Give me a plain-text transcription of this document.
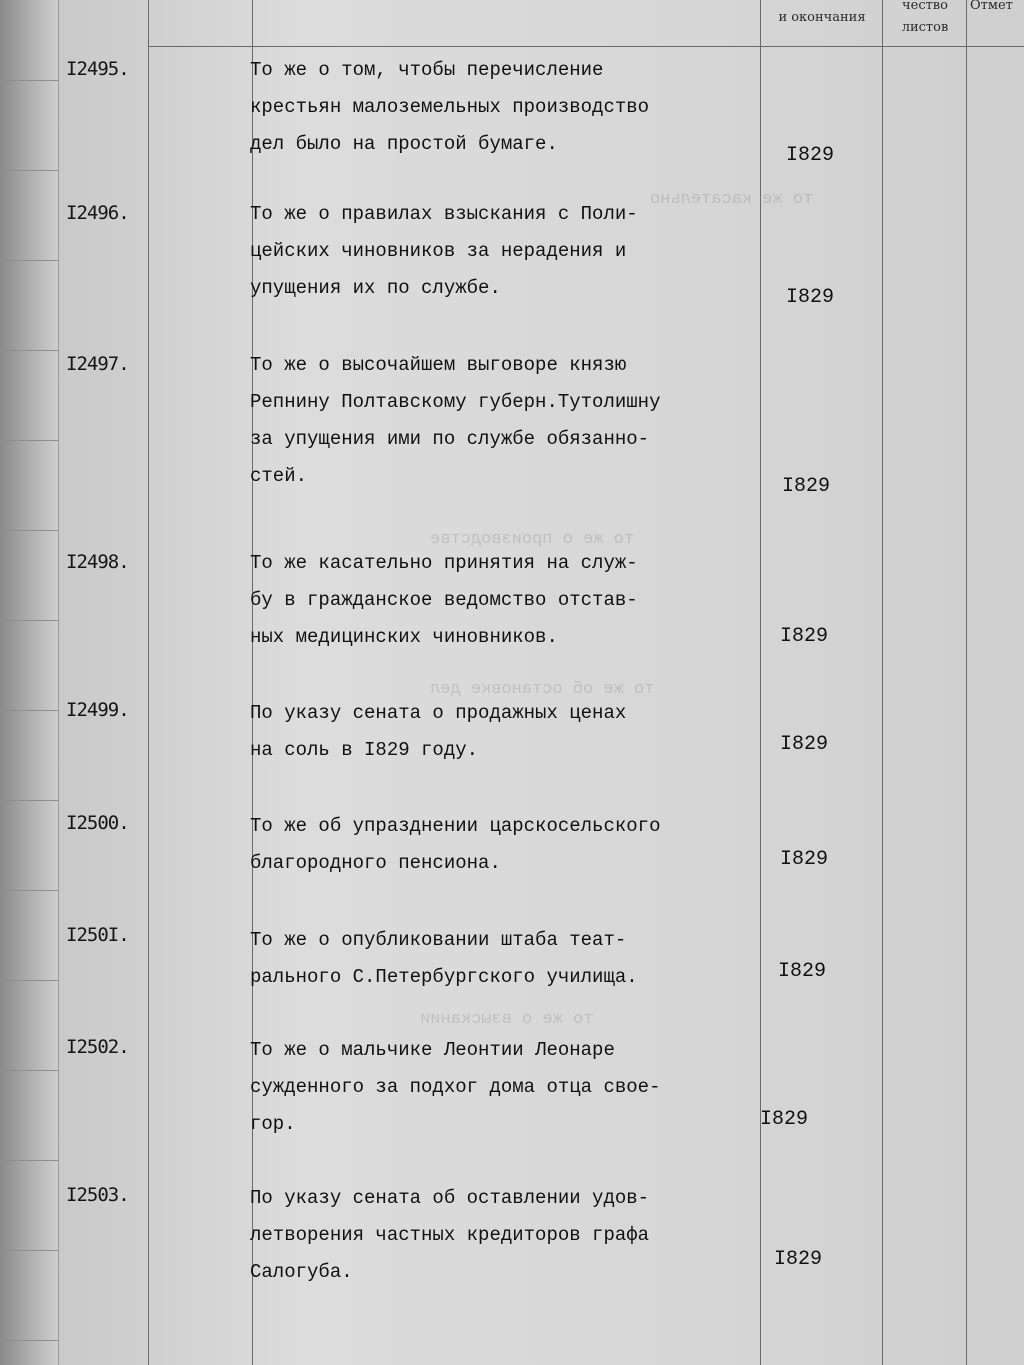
и окончания
чество
листов
Отмет
то же касательно
то же о производстве
то же об остановке дел
то же о взыскании
I2495.	То же о том, чтобы перечисление
крестьян малоземельных производство
дел было на простой бумаге.	I829
I2496.	То же о правилах взыскания с Поли-
цейских чиновников за нерадения и
упущения их по службе.	I829
I2497.	То же о высочайшем выговоре князю
Репнину Полтавскому губерн.Тутолишну
за упущения ими по службе обязанно-
стей.	I829
I2498.	То же касательно принятия на служ-
бу в гражданское ведомство отстав-
ных медицинских чиновников.	I829
I2499.	По указу сената о продажных ценах
на соль в I829 году.	I829
I2500.	То же об упразднении царскосельского
благородного пенсиона.	I829
I250I.	То же о опубликовании штаба теат-
рального С.Петербургского училища.	I829
I2502.	То же о мальчике Леонтии Леонаре
сужденного за подхог дома отца свое-
гор.	I829
I2503.	По указу сената об оставлении удов-
летворения частных кредиторов графа
Салогуба.
I829
